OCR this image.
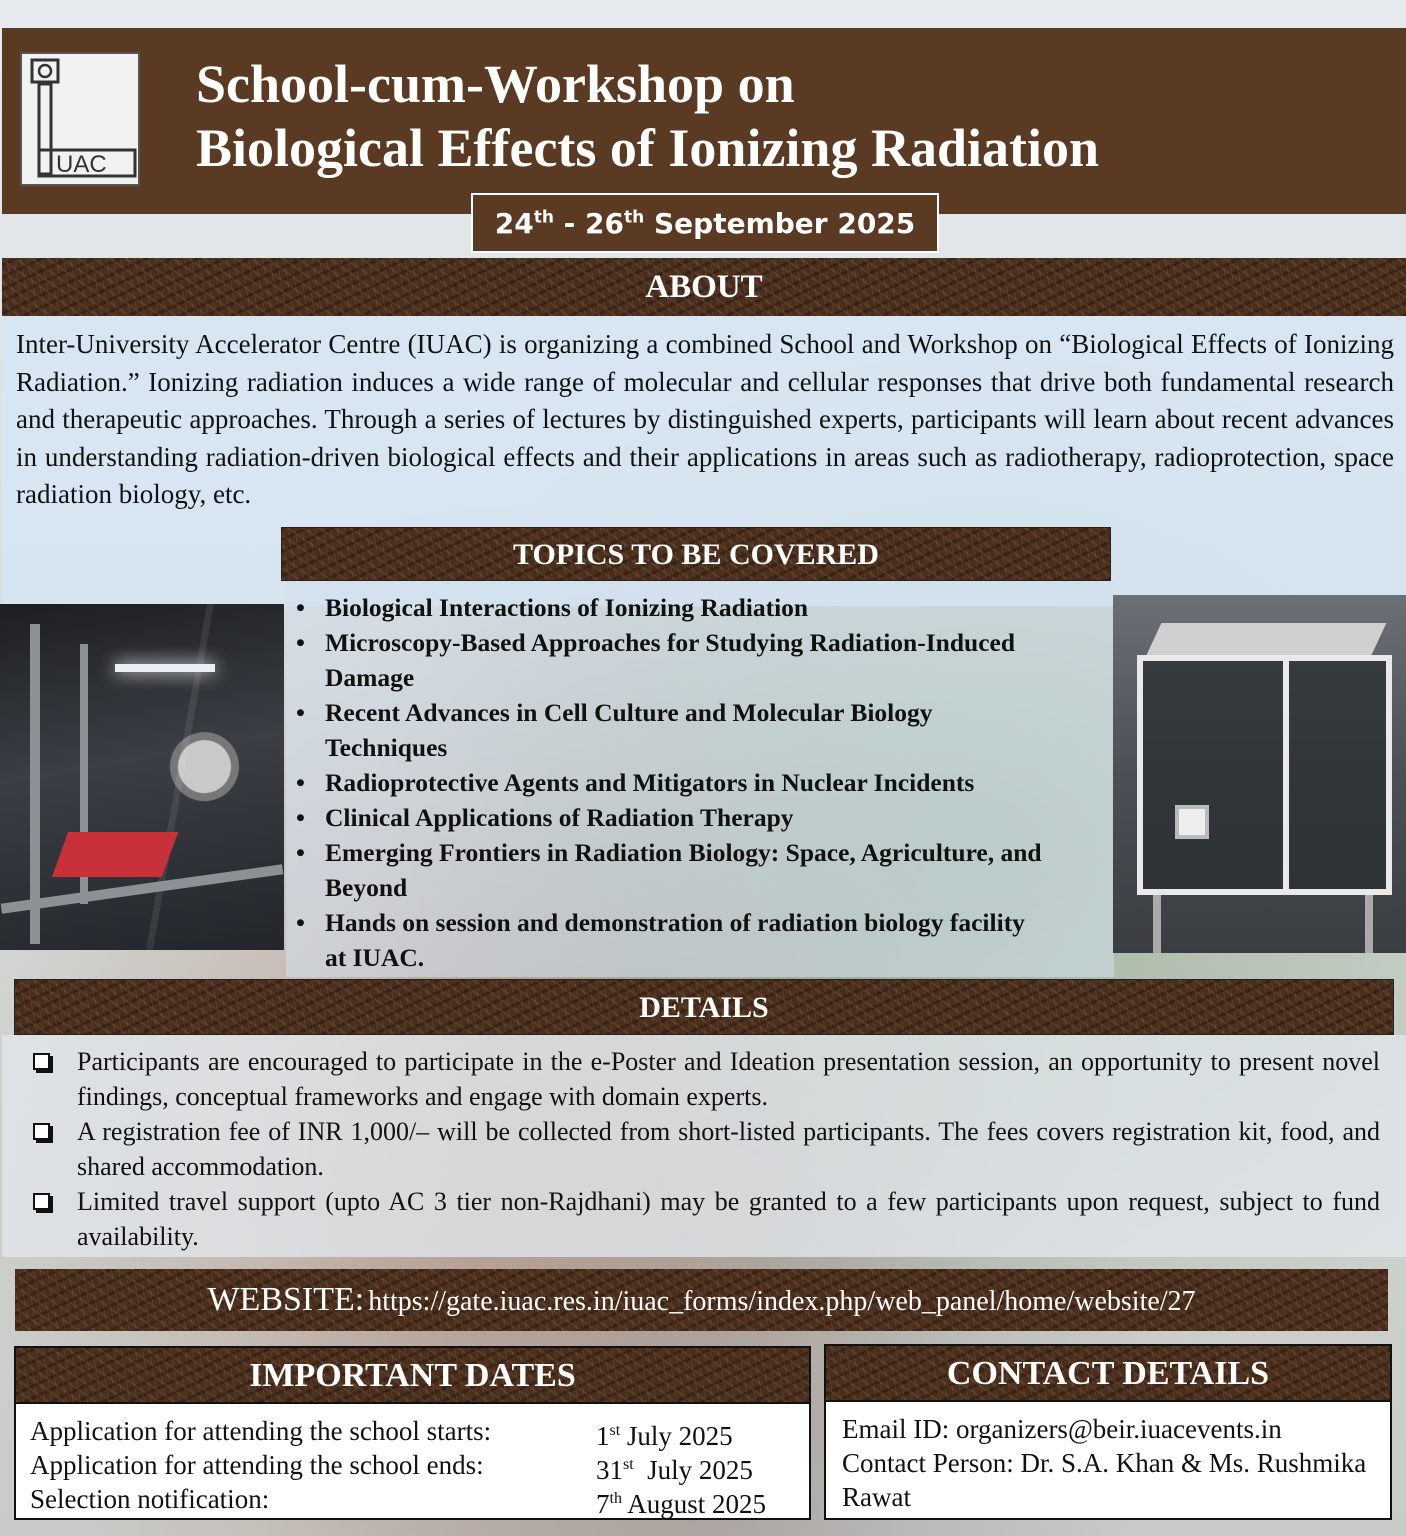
UAC
School-cum-Workshop on
Biological Effects of Ionizing Radiation
24th - 26th September 2025
ABOUT

Inter-University Accelerator Centre (IUAC) is organizing a combined School and Workshop on “Biological Effects of Ionizing Radiation.” Ionizing radiation induces a wide range of molecular and cellular responses that drive both fundamental research and therapeutic approaches. Through a series of lectures by distinguished experts, participants will learn about recent advances in understanding radiation-driven biological effects and their applications in areas such as radiotherapy, radioprotection, space radiation biology, etc.

TOPICS TO BE COVERED
• Biological Interactions of Ionizing Radiation
• Microscopy-Based Approaches for Studying Radiation-Induced Damage
• Recent Advances in Cell Culture and Molecular Biology Techniques
• Radioprotective Agents and Mitigators in Nuclear Incidents
• Clinical Applications of Radiation Therapy
• Emerging Frontiers in Radiation Biology: Space, Agriculture, and Beyond
• Hands on session and demonstration of radiation biology facility at IUAC.
DETAILS
Participants are encouraged to participate in the e-Poster and Ideation presentation session, an opportunity to present novel findings, conceptual frameworks and engage with domain experts.
A registration fee of INR 1,000/– will be collected from short-listed participants. The fees covers registration kit, food, and shared accommodation.
Limited travel support (upto AC 3 tier non-Rajdhani) may be granted to a few participants upon request, subject to fund availability.
WEBSITE: https://gate.iuac.res.in/iuac_forms/index.php/web_panel/home/website/27
IMPORTANT DATES
Application for attending the school starts:	1st July 2025
Application for attending the school ends:	31st  July 2025
Selection notification:	7th August 2025
CONTACT DETAILS
Email ID: organizers@beir.iuacevents.in
Contact Person: Dr. S.A. Khan & Ms. Rushmika Rawat
